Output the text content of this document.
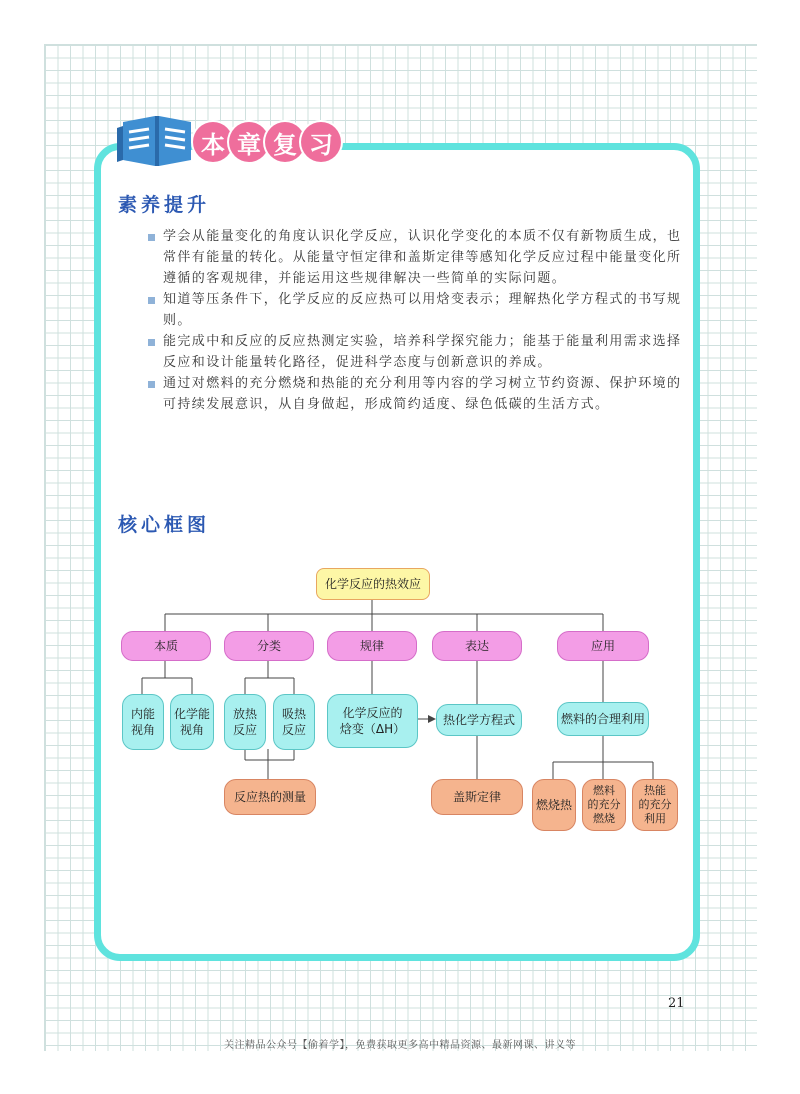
本 章 复 习
素养提升
学会从能量变化的角度认识化学反应，认识化学变化的本质不仅有新物质生成，也常伴有能量的转化。从能量守恒定律和盖斯定律等感知化学反应过程中能量变化所遵循的客观规律，并能运用这些规律解决一些简单的实际问题。
知道等压条件下，化学反应的反应热可以用焓变表示；理解热化学方程式的书写规则。
能完成中和反应的反应热测定实验，培养科学探究能力；能基于能量利用需求选择反应和设计能量转化路径，促进科学态度与创新意识的养成。
通过对燃料的充分燃烧和热能的充分利用等内容的学习树立节约资源、保护环境的可持续发展意识，从自身做起，形成简约适度、绿色低碳的生活方式。
核心框图
化学反应的热效应
本质	分类	规律	表达	应用
内能
视角
化学能
视角
放热
反应
吸热
反应
化学反应的
焓变（ΔH）
热化学方程式	燃料的合理利用
反应热的测量	盖斯定律
燃烧热
燃料
的充分
燃烧
热能
的充分
利用
21
关注精品公众号【偷着学】，免费获取更多高中精品资源、最新网课、讲义等
